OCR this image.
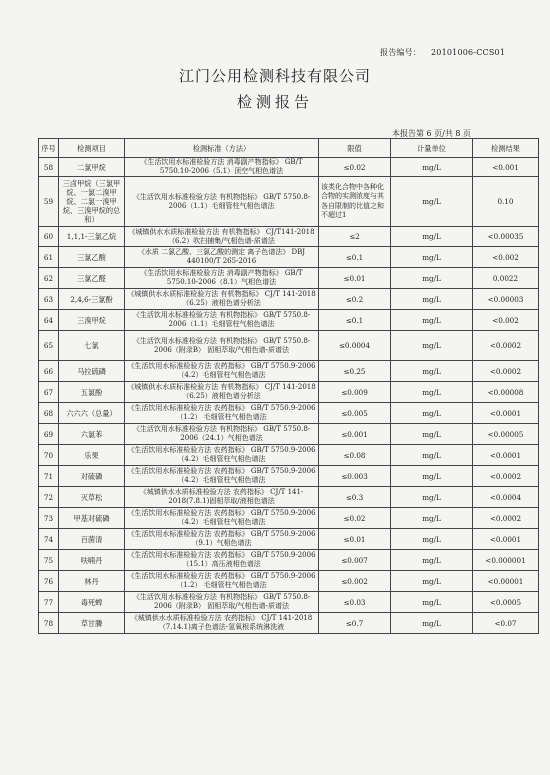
报告编号： 20101006-CCS01
江门公用检测科技有限公司
检测报告
本报告第 6 页/共 8 页
序号	检测项目	检测标准（方法）	限值	计量单位	检测结果
58	二氯甲烷	《生活饮用水标准检验方法 消毒副产物指标》 GB/T 5750.10-2006（5.1）顶空气相色谱法	≤0.02	mg/L	<0.001
59	三卤甲烷（三氯甲烷、一氯二溴甲烷、二氯一溴甲烷、三溴甲烷的总和）	《生活饮用水标准检验方法 有机物指标》 GB/T 5750.8-2006（1.1）毛细管柱气相色谱法	该类化合物中各种化合物的实测浓度与其各自限制的比值之和不超过1	mg/L	0.10
60	1,1,1-三氯乙烷	《城镇供水水质标准检验方法 有机物指标》 CJ/T141-2018（6.2）吹扫捕集/气相色谱-质谱法	≤2	mg/L	<0.00035
61	三氯乙酸	《水质 二氯乙酸、三氯乙酸的测定 离子色谱法》 DBJ 440100/T 265-2016	≤0.1	mg/L	<0.002
62	三氯乙醛	《生活饮用水标准检验方法 消毒副产物指标》 GB/T 5750.10-2006（8.1）气相色谱法	≤0.01	mg/L	0.0022
63	2,4,6-三氯酚	《城镇供水水质标准检验方法 有机物指标》 CJ/T 141-2018（6.25）液相色谱分析法	≤0.2	mg/L	<0.00003
64	三溴甲烷	《生活饮用水标准检验方法 有机物指标》 GB/T 5750.8-2006（1.1）毛细管柱气相色谱法	≤0.1	mg/L	<0.002
65	七氯	《生活饮用水标准检验方法 有机物指标》 GB/T 5750.8-2006（附录B） 固相萃取/气相色谱-质谱法	≤0.0004	mg/L	<0.0002
66	马拉硫磷	《生活饮用水标准检验方法 农药指标》 GB/T 5750.9-2006（4.2）毛细管柱气相色谱法	≤0.25	mg/L	<0.0002
67	五氯酚	《城镇供水水质标准检验方法 有机物指标》 CJ/T 141-2018（6.25）液相色谱分析法	≤0.009	mg/L	<0.00008
68	六六六（总量）	《生活饮用水标准检验方法 农药指标》 GB/T 5750.9-2006（1.2） 毛细管柱气相色谱法	≤0.005	mg/L	<0.0001
69	六氯苯	《生活饮用水标准检验方法 有机物指标》 GB/T 5750.8-2006（24.1）气相色谱法	≤0.001	mg/L	<0.00005
70	乐果	《生活饮用水标准检验方法 农药指标》 GB/T 5750.9-2006（4.2）毛细管柱气相色谱法	≤0.08	mg/L	<0.0001
71	对硫磷	《生活饮用水标准检验方法 农药指标》 GB/T 5750.9-2006（4.2）毛细管柱气相色谱法	≤0.003	mg/L	<0.0002
72	灭草松	《城镇供水水质标准检验方法 农药指标》 CJ/T 141-2018(7.8.1)固相萃取/液相色谱法	≤0.3	mg/L	<0.0004
73	甲基对硫磷	《生活饮用水标准检验方法 农药指标》 GB/T 5750.9-2006（4.2）毛细管柱气相色谱法	≤0.02	mg/L	<0.0002
74	百菌清	《生活饮用水标准检验方法 农药指标》 GB/T 5750.9-2006（9.1）气相色谱法	≤0.01	mg/L	<0.0001
75	呋喃丹	《生活饮用水标准检验方法 农药指标》 GB/T 5750.9-2006（15.1）高压液相色谱法	≤0.007	mg/L	<0.000001
76	林丹	《生活饮用水标准检验方法 农药指标》 GB/T 5750.9-2006（1.2） 毛细管柱气相色谱法	≤0.002	mg/L	<0.00001
77	毒死蜱	《生活饮用水标准检验方法 有机物指标》 GB/T 5750.8-2006（附录B） 固相萃取/气相色谱-质谱法	≤0.03	mg/L	<0.0005
78	草甘膦	《城镇供水水质标准检验方法 农药指标》 CJ/T 141-2018（7.14.1)离子色谱法-氢氧根系统淋洗液	≤0.7	mg/L	<0.07
